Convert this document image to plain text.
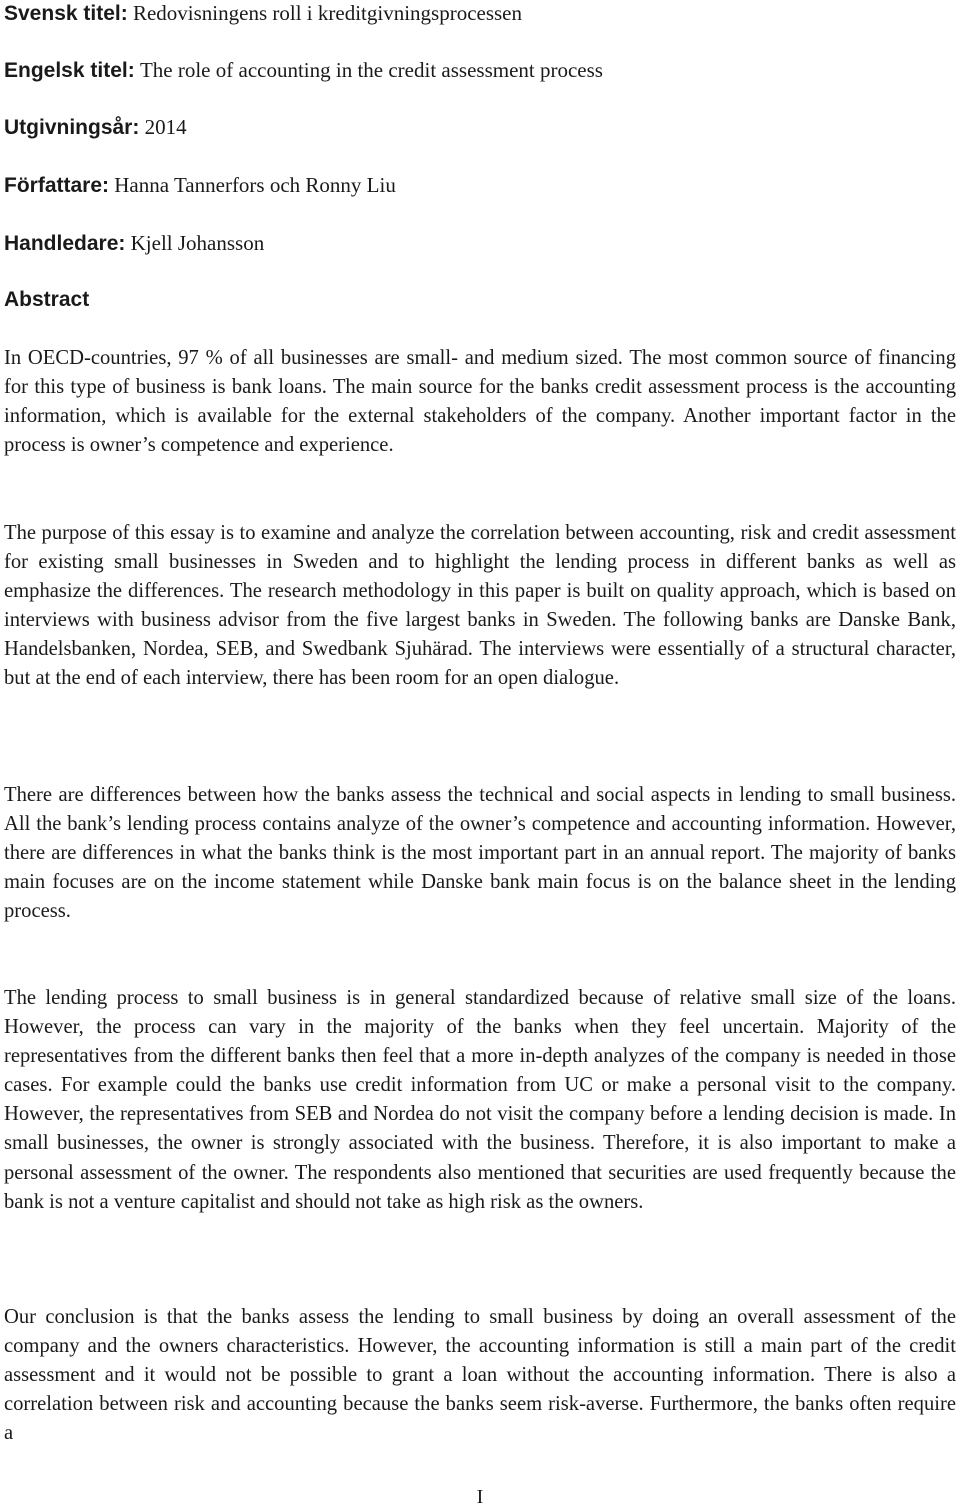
Svensk titel: Redovisningens roll i kreditgivningsprocessen
Engelsk titel: The role of accounting in the credit assessment process
Utgivningsår: 2014
Författare: Hanna Tannerfors och Ronny Liu
Handledare: Kjell Johansson
Abstract

In OECD-countries, 97 % of all businesses are small- and medium sized. The most common source of financing for this type of business is bank loans. The main source for the banks credit assessment process is the accounting information, which is available for the external stakeholders of the company. Another important factor in the process is owner’s competence and experience.

The purpose of this essay is to examine and analyze the correlation between accounting, risk and credit assessment for existing small businesses in Sweden and to highlight the lending process in different banks as well as emphasize the differences. The research methodology in this paper is built on quality approach, which is based on interviews with business advisor from the five largest banks in Sweden. The following banks are Danske Bank, Handelsbanken, Nordea, SEB, and Swedbank Sjuhärad. The interviews were essentially of a structural character, but at the end of each interview, there has been room for an open dialogue.

There are differences between how the banks assess the technical and social aspects in lending to small business. All the bank’s lending process contains analyze of the owner’s competence and accounting information. However, there are differences in what the banks think is the most important part in an annual report. The majority of banks main focuses are on the income statement while Danske bank main focus is on the balance sheet in the lending process.

The lending process to small business is in general standardized because of relative small size of the loans. However, the process can vary in the majority of the banks when they feel uncertain. Majority of the representatives from the different banks then feel that a more in-depth analyzes of the company is needed in those cases. For example could the banks use credit information from UC or make a personal visit to the company. However, the representatives from SEB and Nordea do not visit the company before a lending decision is made. In small businesses, the owner is strongly associated with the business. Therefore, it is also important to make a personal assessment of the owner. The respondents also mentioned that securities are used frequently because the bank is not a venture capitalist and should not take as high risk as the owners.

Our conclusion is that the banks assess the lending to small business by doing an overall assessment of the company and the owners characteristics. However, the accounting information is still a main part of the credit assessment and it would not be possible to grant a loan without the accounting information. There is also a correlation between risk and accounting because the banks seem risk-averse. Furthermore, the banks often require a

I
